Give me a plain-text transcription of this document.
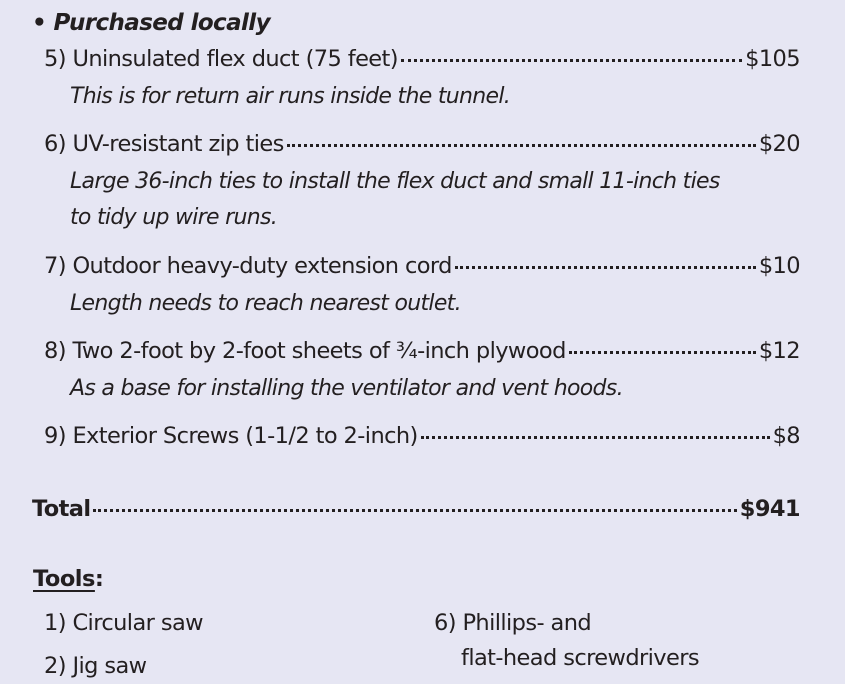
• Purchased locally
5) Uninsulated flex duct (75 feet)	$105
This is for return air runs inside the tunnel.
6) UV-resistant zip ties	$20
Large 36-inch ties to install the flex duct and small 11-inch ties
to tidy up wire runs.
7) Outdoor heavy-duty extension cord	$10
Length needs to reach nearest outlet.
8) Two 2-foot by 2-foot sheets of ¾-inch plywood	$12
As a base for installing the ventilator and vent hoods.
9) Exterior Screws (1-1/2 to 2-inch)	$8
Total	$941
Tools:
1) Circular saw
2) Jig saw
6) Phillips- and
flat-head screwdrivers
